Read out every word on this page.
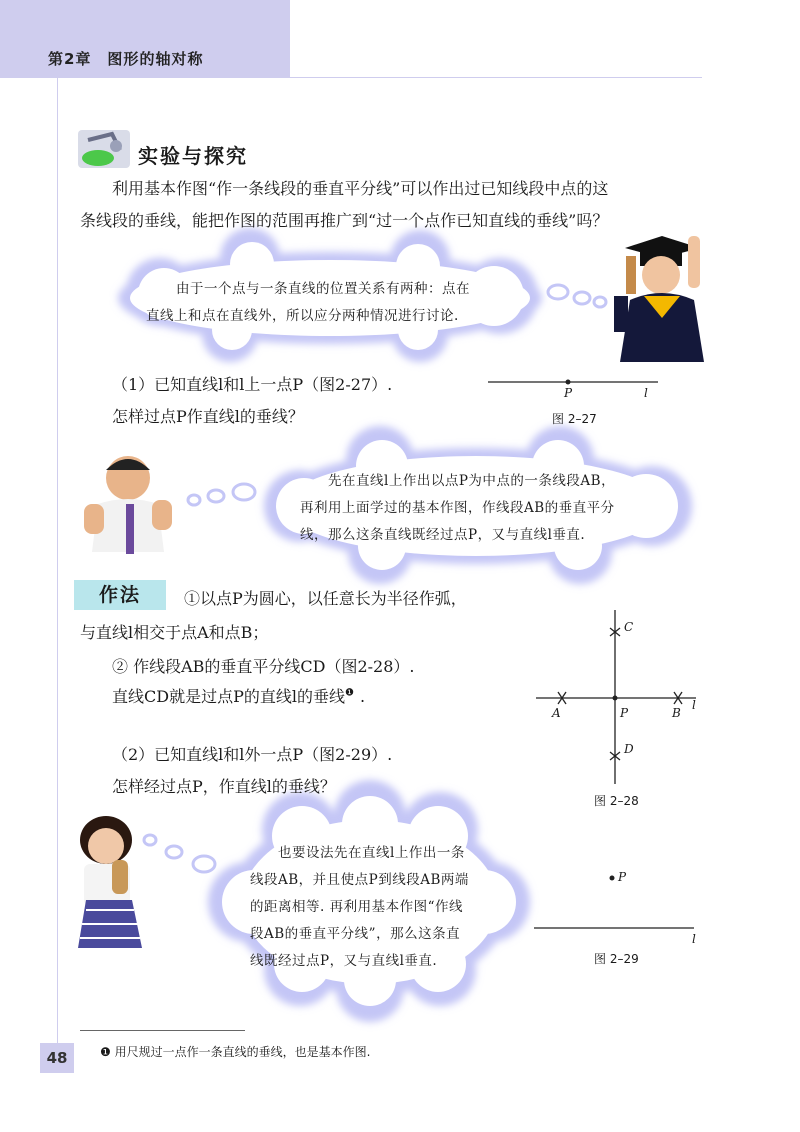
第2章　图形的轴对称
实验与探究
利用基本作图“作一条线段的垂直平分线”可以作出过已知线段中点的这
条线段的垂线，能把作图的范围再推广到“过一个点作已知直线的垂线”吗？
由于一个点与一条直线的位置关系有两种：点在
直线上和点在直线外，所以应分两种情况进行讨论.
（1）已知直线l和l上一点P（图2-27）.
怎样过点P作直线l的垂线？
P	l
图 2–27
先在直线l上作出以点P为中点的一条线段AB，
再利用上面学过的基本作图，作线段AB的垂直平分
线，那么这条直线既经过点P，又与直线l垂直.
作法	①以点P为圆心，以任意长为半径作弧，
与直线l相交于点A和点B；
② 作线段AB的垂直平分线CD（图2-28）.
直线CD就是过点P的直线l的垂线$^❶$ .
A	P	B
l
C
D
图 2–28
（2）已知直线l和l外一点P（图2-29）.
怎样经过点P，作直线l的垂线？
也要设法先在直线l上作出一条
线段AB，并且使点P到线段AB两端
的距离相等. 再利用基本作图“作线
段AB的垂直平分线”，那么这条直
线既经过点P，又与直线l垂直.
P
l
图 2–29
❶ 用尺规过一点作一条直线的垂线，也是基本作图.
48
